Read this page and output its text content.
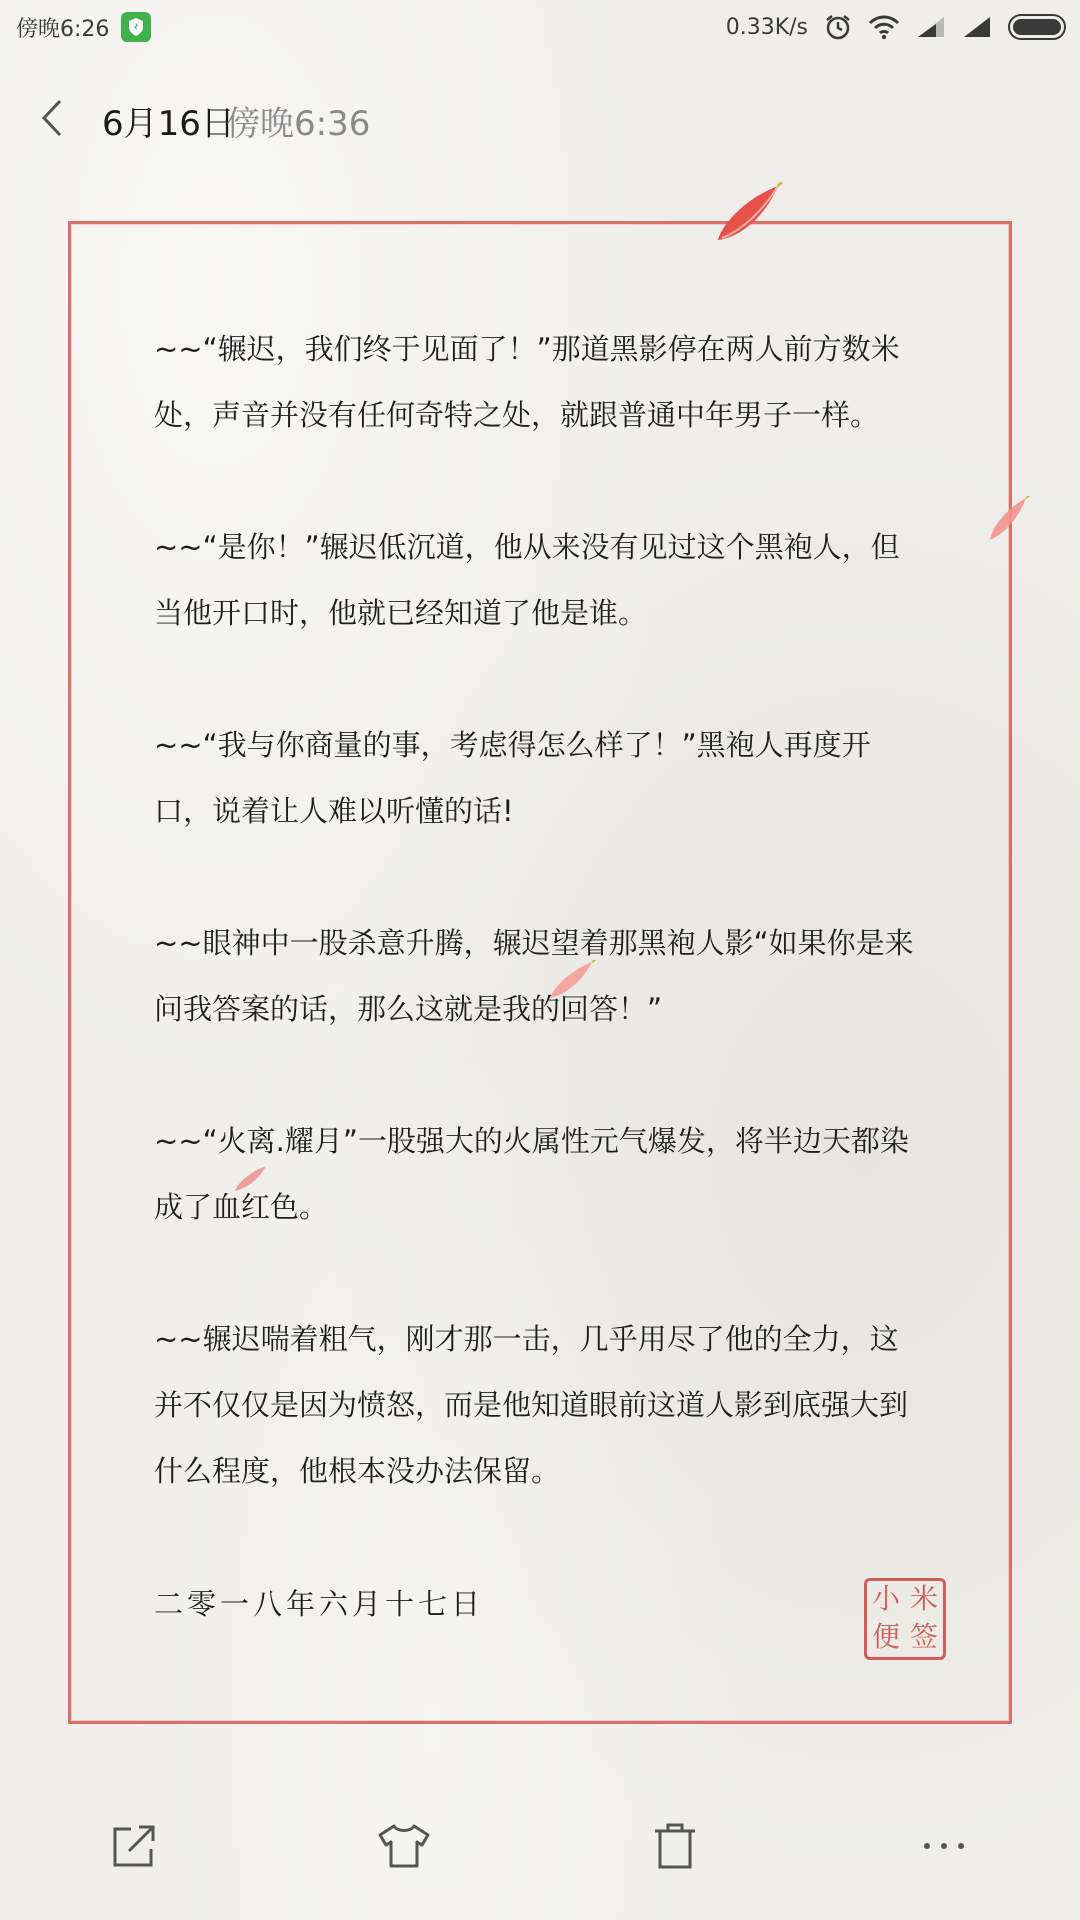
傍晚6:26	0.33K/s
6月16日
傍晚6:36

~~“辗迟，我们终于见面了！”那道黑影停在两人前方数米处，声音并没有任何奇特之处，就跟普通中年男子一样。

~~“是你！”辗迟低沉道，他从来没有见过这个黑袍人，但当他开口时，他就已经知道了他是谁。

~~“我与你商量的事，考虑得怎么样了！”黑袍人再度开口，说着让人难以听懂的话!

~~眼神中一股杀意升腾，辗迟望着那黑袍人影“如果你是来问我答案的话，那么这就是我的回答！”

~~“火离.耀月”一股强大的火属性元气爆发，将半边天都染成了血红色。

~~辗迟喘着粗气，刚才那一击，几乎用尽了他的全力，这并不仅仅是因为愤怒，而是他知道眼前这道人影到底强大到什么程度，他根本没办法保留。

二零一八年六月十七日	小 米
便 签
